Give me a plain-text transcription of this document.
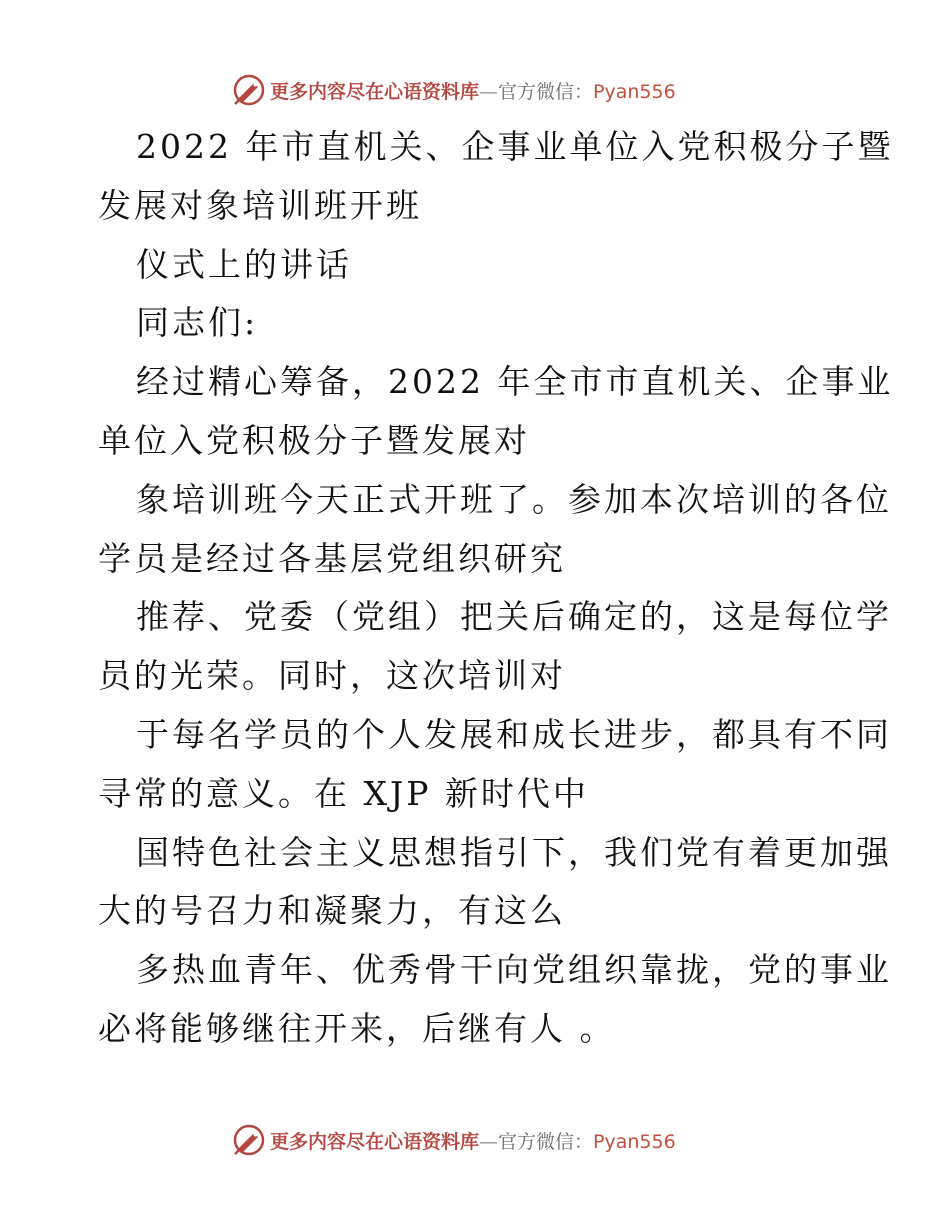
更多内容尽在心语资料库—官方微信：Pyan556
2022 年市直机关、企事业单位入党积极分子暨
发展对象培训班开班
仪式上的讲话
同志们:
经过精心筹备，2022 年全市市直机关、企事业
单位入党积极分子暨发展对
象培训班今天正式开班了。参加本次培训的各位
学员是经过各基层党组织研究
推荐、党委（党组）把关后确定的，这是每位学
员的光荣。同时，这次培训对
于每名学员的个人发展和成长进步，都具有不同
寻常的意义。在 XJP 新时代中
国特色社会主义思想指引下，我们党有着更加强
大的号召力和凝聚力，有这么
多热血青年、优秀骨干向党组织靠拢，党的事业
必将能够继往开来，后继有人 。
更多内容尽在心语资料库—官方微信：Pyan556
